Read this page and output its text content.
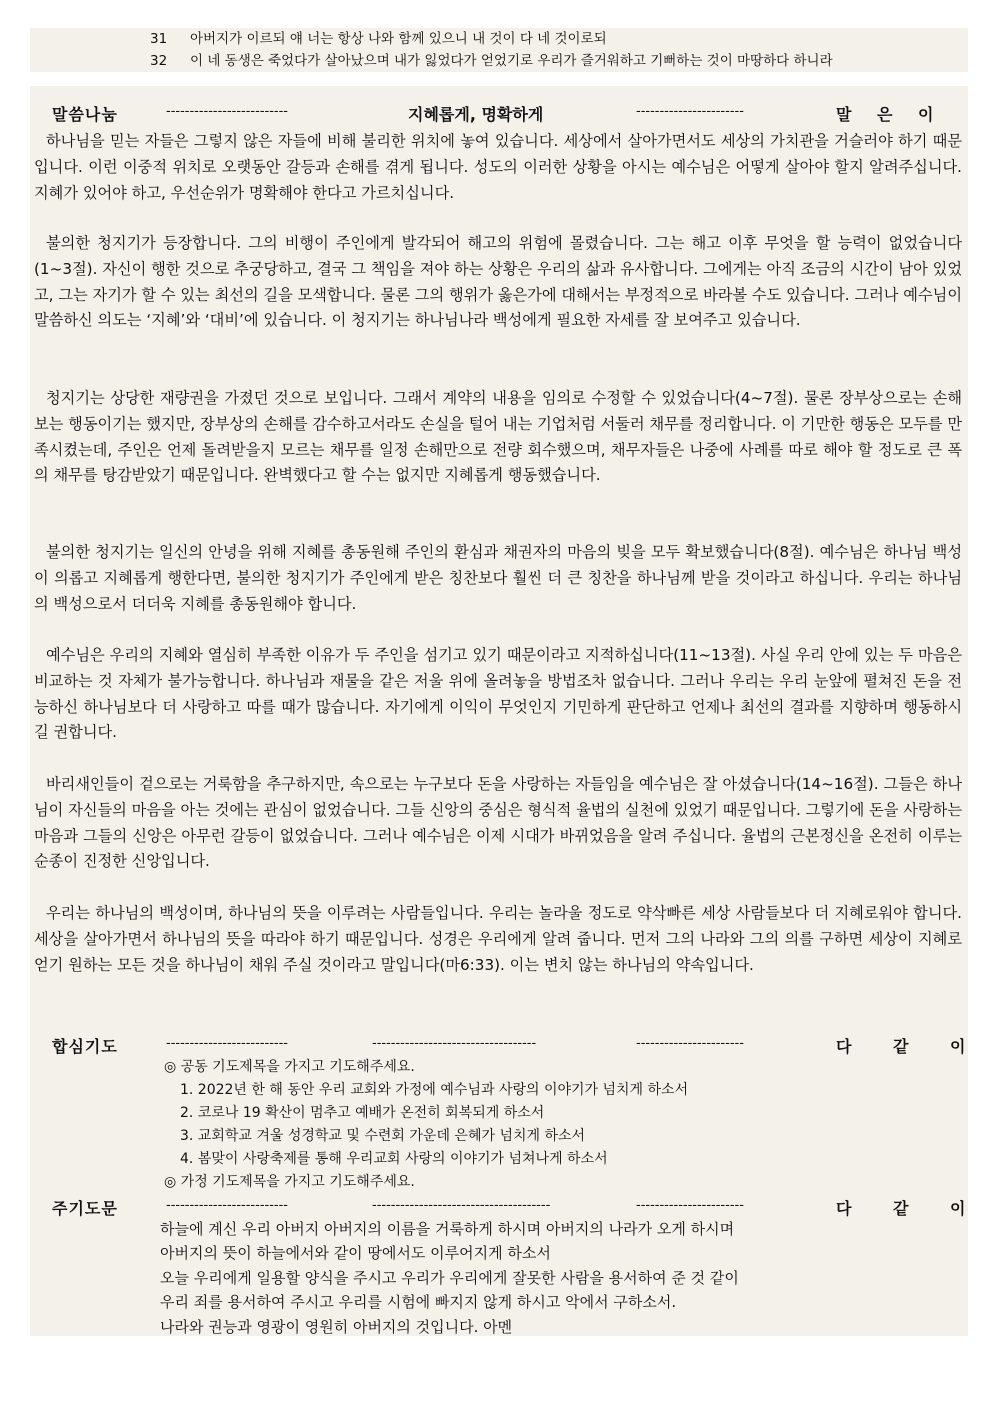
31 아버지가 이르되 얘 너는 항상 나와 함께 있으니 내 것이 다 네 것이로되
32 이 네 동생은 죽었다가 살아났으며 내가 잃었다가 얻었기로 우리가 즐거워하고 기뻐하는 것이 마땅하다 하니라
말씀나눔	--------------------------	지혜롭게, 명확하게	-----------------------	말 은 이

하나님을 믿는 자들은 그렇지 않은 자들에 비해 불리한 위치에 놓여 있습니다. 세상에서 살아가면서도 세상의 가치관을 거슬러야 하기 때문입니다. 이런 이중적 위치로 오랫동안 갈등과 손해를 겪게 됩니다. 성도의 이러한 상황을 아시는 예수님은 어떻게 살아야 할지 알려주십니다. 지혜가 있어야 하고, 우선순위가 명확해야 한다고 가르치십니다.

불의한 청지기가 등장합니다. 그의 비행이 주인에게 발각되어 해고의 위험에 몰렸습니다. 그는 해고 이후 무엇을 할 능력이 없었습니다(1~3절). 자신이 행한 것으로 추궁당하고, 결국 그 책임을 져야 하는 상황은 우리의 삶과 유사합니다. 그에게는 아직 조금의 시간이 남아 있었고, 그는 자기가 할 수 있는 최선의 길을 모색합니다. 물론 그의 행위가 옳은가에 대해서는 부정적으로 바라볼 수도 있습니다. 그러나 예수님이 말씀하신 의도는 ‘지혜’와 ‘대비’에 있습니다. 이 청지기는 하나님나라 백성에게 필요한 자세를 잘 보여주고 있습니다.

청지기는 상당한 재량권을 가졌던 것으로 보입니다. 그래서 계약의 내용을 임의로 수정할 수 있었습니다(4~7절). 물론 장부상으로는 손해 보는 행동이기는 했지만, 장부상의 손해를 감수하고서라도 손실을 털어 내는 기업처럼 서둘러 채무를 정리합니다. 이 기만한 행동은 모두를 만족시켰는데, 주인은 언제 돌려받을지 모르는 채무를 일정 손해만으로 전량 회수했으며, 채무자들은 나중에 사례를 따로 해야 할 정도로 큰 폭의 채무를 탕감받았기 때문입니다. 완벽했다고 할 수는 없지만 지혜롭게 행동했습니다.

불의한 청지기는 일신의 안녕을 위해 지혜를 총동원해 주인의 환심과 채권자의 마음의 빚을 모두 확보했습니다(8절). 예수님은 하나님 백성이 의롭고 지혜롭게 행한다면, 불의한 청지기가 주인에게 받은 칭찬보다 훨씬 더 큰 칭찬을 하나님께 받을 것이라고 하십니다. 우리는 하나님의 백성으로서 더더욱 지혜를 총동원해야 합니다.

예수님은 우리의 지혜와 열심히 부족한 이유가 두 주인을 섬기고 있기 때문이라고 지적하십니다(11~13절). 사실 우리 안에 있는 두 마음은 비교하는 것 자체가 불가능합니다. 하나님과 재물을 같은 저울 위에 올려놓을 방법조차 없습니다. 그러나 우리는 우리 눈앞에 펼쳐진 돈을 전능하신 하나님보다 더 사랑하고 따를 때가 많습니다. 자기에게 이익이 무엇인지 기민하게 판단하고 언제나 최선의 결과를 지향하며 행동하시길 권합니다.

바리새인들이 겉으로는 거룩함을 추구하지만, 속으로는 누구보다 돈을 사랑하는 자들임을 예수님은 잘 아셨습니다(14~16절). 그들은 하나님이 자신들의 마음을 아는 것에는 관심이 없었습니다. 그들 신앙의 중심은 형식적 율법의 실천에 있었기 때문입니다. 그렇기에 돈을 사랑하는 마음과 그들의 신앙은 아무런 갈등이 없었습니다. 그러나 예수님은 이제 시대가 바뀌었음을 알려 주십니다. 율법의 근본정신을 온전히 이루는 순종이 진정한 신앙입니다.

우리는 하나님의 백성이며, 하나님의 뜻을 이루려는 사람들입니다. 우리는 놀라울 정도로 약삭빠른 세상 사람들보다 더 지혜로워야 합니다. 세상을 살아가면서 하나님의 뜻을 따라야 하기 때문입니다. 성경은 우리에게 알려 줍니다. 먼저 그의 나라와 그의 의를 구하면 세상이 지혜로 얻기 원하는 모든 것을 하나님이 채워 주실 것이라고 말입니다(마6:33). 이는 변치 않는 하나님의 약속입니다.

합심기도	--------------------------	-----------------------------------	-----------------------	다 같 이
◎ 공동 기도제목을 가지고 기도해주세요.
1. 2022년 한 해 동안 우리 교회와 가정에 예수님과 사랑의 이야기가 넘치게 하소서
2. 코로나 19 확산이 멈추고 예배가 온전히 회복되게 하소서
3. 교회학교 겨울 성경학교 및 수련회 가운데 은혜가 넘치게 하소서
4. 봄맞이 사랑축제를 통해 우리교회 사랑의 이야기가 넘쳐나게 하소서
◎ 가정 기도제목을 가지고 기도해주세요.
주기도문	--------------------------	--------------------------------------	-----------------------	다 같 이
하늘에 계신 우리 아버지 아버지의 이름을 거룩하게 하시며 아버지의 나라가 오게 하시며
아버지의 뜻이 하늘에서와 같이 땅에서도 이루어지게 하소서
오늘 우리에게 일용할 양식을 주시고 우리가 우리에게 잘못한 사람을 용서하여 준 것 같이
우리 죄를 용서하여 주시고 우리를 시험에 빠지지 않게 하시고 악에서 구하소서.
나라와 권능과 영광이 영원히 아버지의 것입니다. 아멘
